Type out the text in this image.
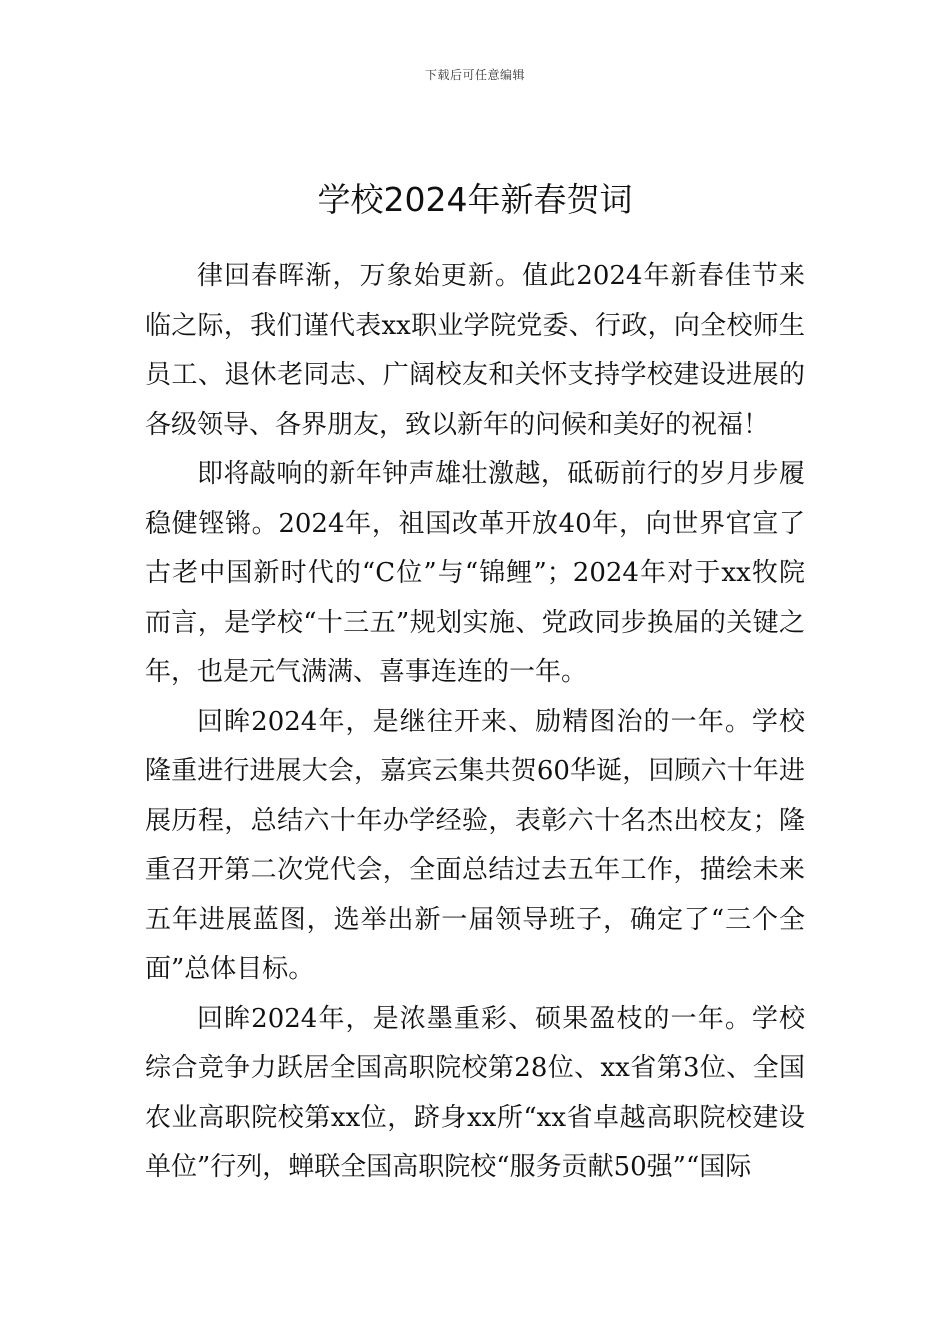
下载后可任意编辑
学校2024年新春贺词

律回春晖渐，万象始更新。值此2024年新春佳节来临之际，我们谨代表xx职业学院党委、行政，向全校师生员工、退休老同志、广阔校友和关怀支持学校建设进展的各级领导、各界朋友，致以新年的问候和美好的祝福！

即将敲响的新年钟声雄壮激越，砥砺前行的岁月步履稳健铿锵。2024年，祖国改革开放40年，向世界官宣了古老中国新时代的“C位”与“锦鲤”；2024年对于xx牧院而言，是学校“十三五”规划实施、党政同步换届的关键之年，也是元气满满、喜事连连的一年。

回眸2024年，是继往开来、励精图治的一年。学校隆重进行进展大会，嘉宾云集共贺60华诞，回顾六十年进展历程，总结六十年办学经验，表彰六十名杰出校友；隆重召开第二次党代会，全面总结过去五年工作，描绘未来五年进展蓝图，选举出新一届领导班子，确定了“三个全面”总体目标。

回眸2024年，是浓墨重彩、硕果盈枝的一年。学校综合竞争力跃居全国高职院校第28位、xx省第3位、全国农业高职院校第xx位，跻身xx所“xx省卓越高职院校建设单位”行列，蝉联全国高职院校“服务贡献50强”“国际
